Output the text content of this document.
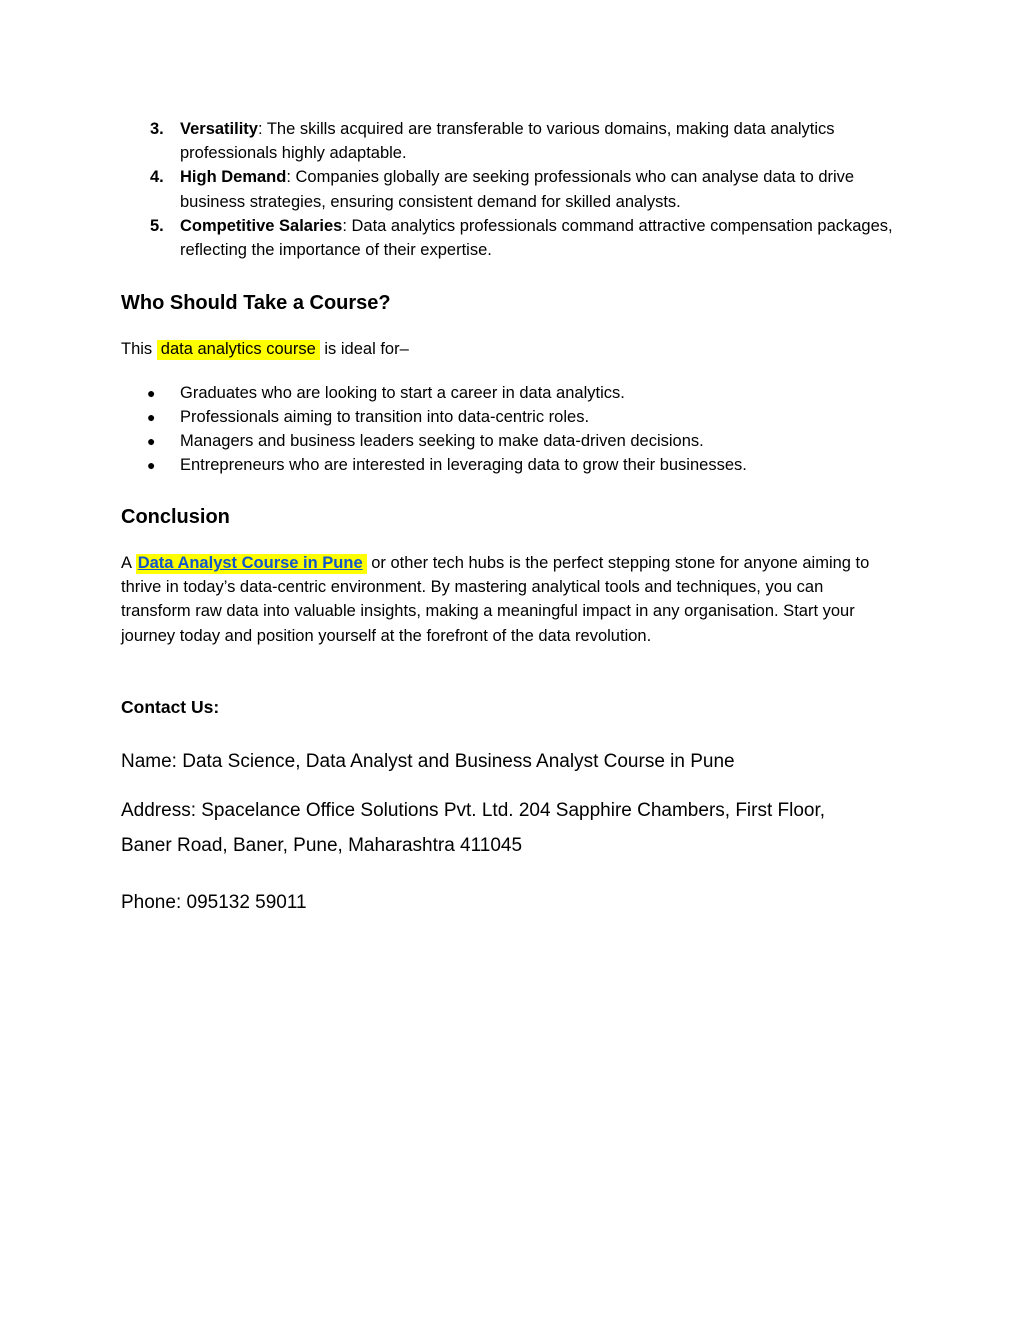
3. Versatility: The skills acquired are transferable to various domains, making data analytics professionals highly adaptable.
4. High Demand: Companies globally are seeking professionals who can analyse data to drive business strategies, ensuring consistent demand for skilled analysts.
5. Competitive Salaries: Data analytics professionals command attractive compensation packages, reflecting the importance of their expertise.
Who Should Take a Course?

This data analytics course is ideal for–

● Graduates who are looking to start a career in data analytics.
● Professionals aiming to transition into data-centric roles.
● Managers and business leaders seeking to make data-driven decisions.
● Entrepreneurs who are interested in leveraging data to grow their businesses.
Conclusion

A Data Analyst Course in Pune or other tech hubs is the perfect stepping stone for anyone aiming to thrive in today’s data-centric environment. By mastering analytical tools and techniques, you can transform raw data into valuable insights, making a meaningful impact in any organisation. Start your journey today and position yourself at the forefront of the data revolution.

Contact Us:

Name: Data Science, Data Analyst and Business Analyst Course in Pune

Address: Spacelance Office Solutions Pvt. Ltd. 204 Sapphire Chambers, First Floor,

Baner Road, Baner, Pune, Maharashtra 411045

Phone: 095132 59011
